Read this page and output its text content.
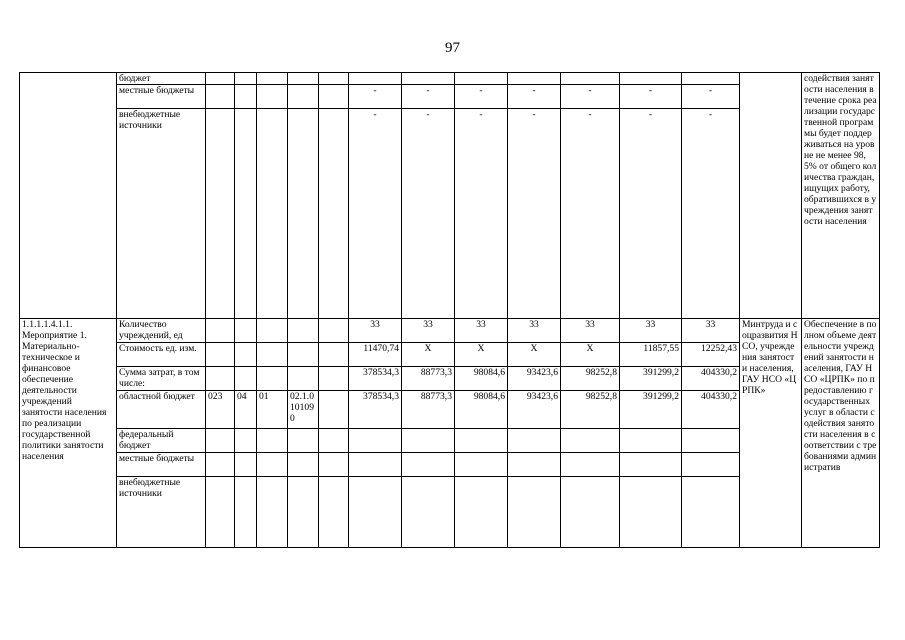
97
	бюджет														содействия занятости населения в течение срока реализации государственной программы будет поддерживаться на уровне не менее 98,5% от общего количества граждан, ищущих работу, обратившихся в учреждения занятости населения
	местные бюджеты						-	-	-	-	-	-	-		
	внебюджетные источники						-	-	-	-	-	-	-		
1.1.1.1.4.1.1. Мероприятие 1. Материально-техническое и финансовое обеспечение деятельности учреждений занятости населения по реализации государственной политики занятости населения	Количество учреждений, ед						33	33	33	33	33	33	33	Минтруда и соцразвития НСО, учреждения занятости населения, ГАУ НСО «ЦРПК»	Обеспечение в полном объеме деятельности учреждений занятости населения, ГАУ НСО «ЦРПК» по предоставлению государственных услуг в области содействия занятости населения в соответствии с требованиями административ
	Стоимость ед. изм.						11470,74	X	X	X	X	11857,55	12252,43		
	Сумма затрат, в том числе:						378534,3	88773,3	98084,6	93423,6	98252,8	391299,2	404330,2		
	областной бюджет	023	04	01	02.1.0101090		378534,3	88773,3	98084,6	93423,6	98252,8	391299,2	404330,2		
	федеральный бюджет														
	местные бюджеты														
	внебюджетные источники														
